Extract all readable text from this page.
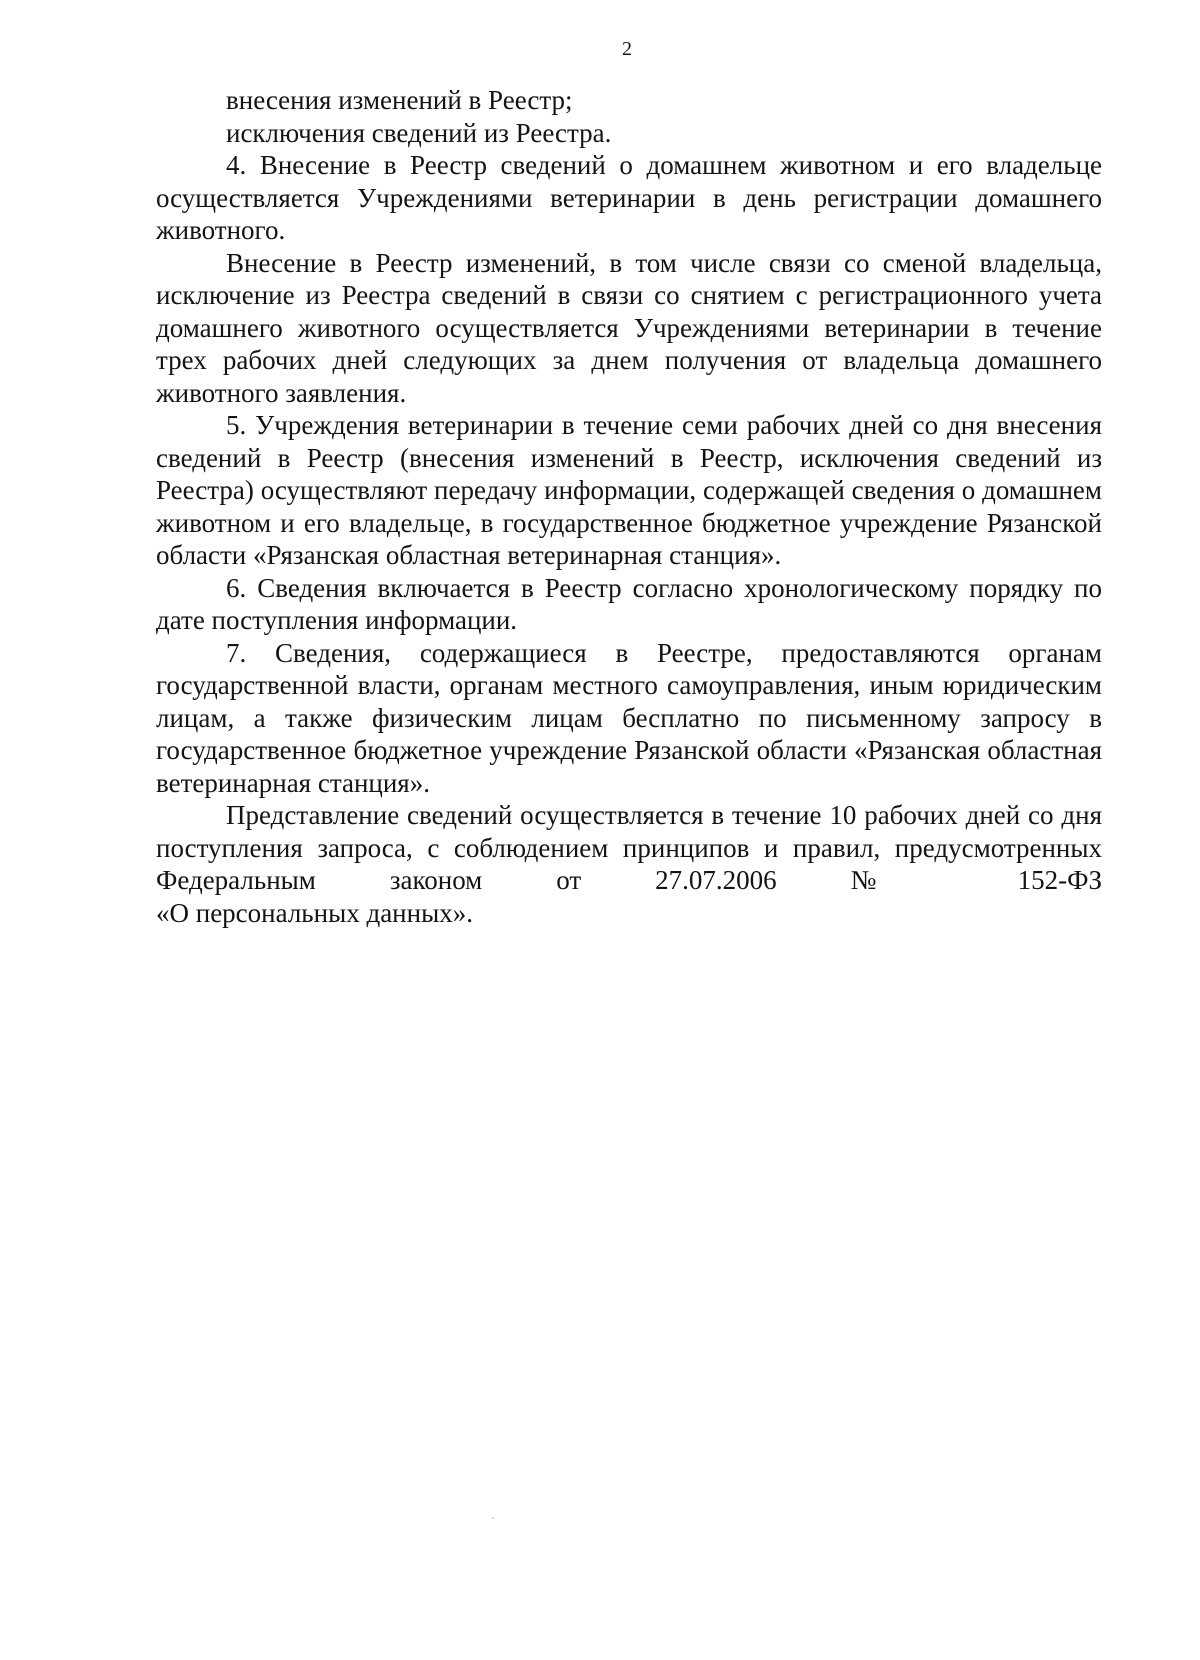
2

внесения изменений в Реестр;

исключения сведений из Реестра.

4. Внесение в Реестр сведений о домашнем животном и его владельце осуществляется Учреждениями ветеринарии в день регистрации домашнего животного.

Внесение в Реестр изменений, в том числе связи со сменой владельца, исключение из Реестра сведений в связи со снятием с регистрационного учета домашнего животного осуществляется Учреждениями ветеринарии в течение трех рабочих дней следующих за днем получения от владельца домашнего животного заявления.

5. Учреждения ветеринарии в течение семи рабочих дней со дня внесения сведений в Реестр (внесения изменений в Реестр, исключения сведений из Реестра) осуществляют передачу информации, содержащей сведения о домашнем животном и его владельце, в государственное бюджетное учреждение Рязанской области «Рязанская областная ветеринарная станция».

6. Сведения включается в Реестр согласно хронологическому порядку по дате поступления информации.

7. Сведения, содержащиеся в Реестре, предоставляются органам государственной власти, органам местного самоуправления, иным юридическим лицам, а также физическим лицам бесплатно по письменному запросу в государственное бюджетное учреждение Рязанской области «Рязанская областная ветеринарная станция».

Представление сведений осуществляется в течение 10 рабочих дней со дня поступления запроса, с соблюдением принципов и правил, предусмотренных Федеральным законом от 27.07.2006 № 152-ФЗ

«О персональных данных».
